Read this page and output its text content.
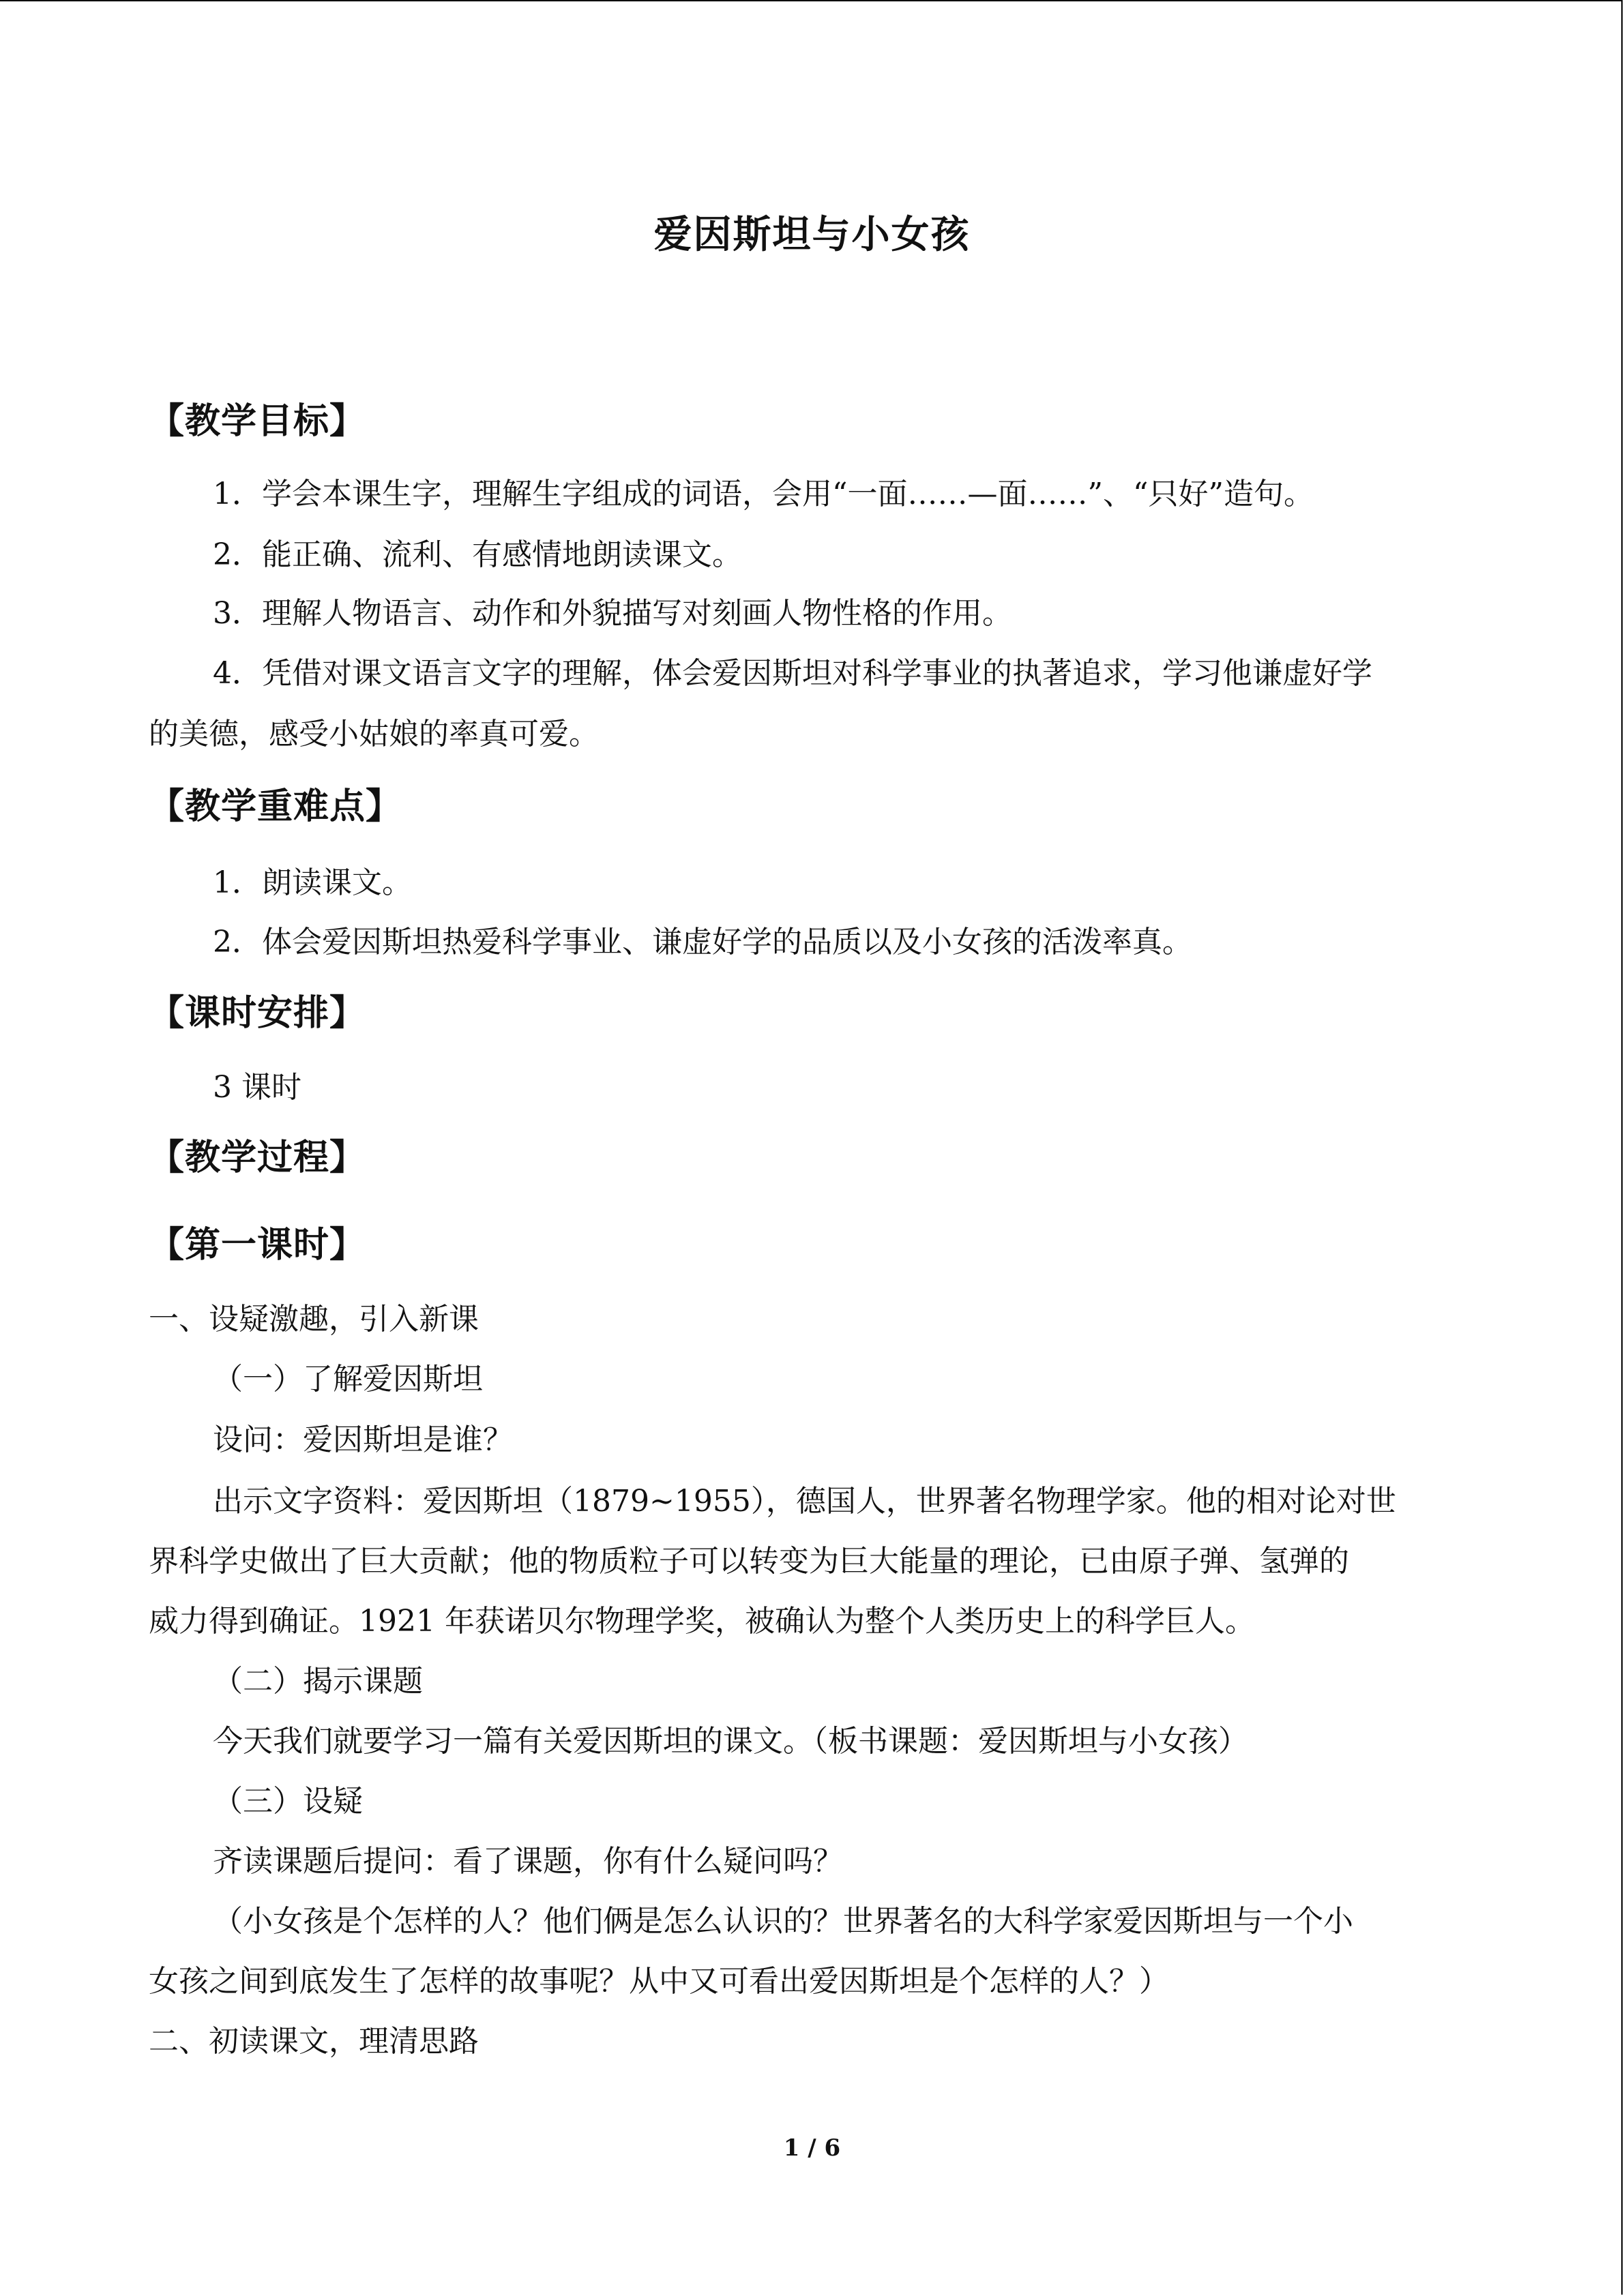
爱因斯坦与小女孩
【教学目标】
1．学会本课生字，理解生字组成的词语，会用“一面……—面……”、“只好”造句。
2．能正确、流利、有感情地朗读课文。
3．理解人物语言、动作和外貌描写对刻画人物性格的作用。
4．凭借对课文语言文字的理解，体会爱因斯坦对科学事业的执著追求，学习他谦虚好学
的美德，感受小姑娘的率真可爱。
【教学重难点】
1．朗读课文。
2．体会爱因斯坦热爱科学事业、谦虚好学的品质以及小女孩的活泼率真。
【课时安排】
3 课时
【教学过程】
【第一课时】
一、设疑激趣，引入新课
（一）了解爱因斯坦
设问：爱因斯坦是谁？
出示文字资料：爱因斯坦（1879~1955），德国人，世界著名物理学家。他的相对论对世
界科学史做出了巨大贡献；他的物质粒子可以转变为巨大能量的理论，已由原子弹、氢弹的
威力得到确证。1921 年获诺贝尔物理学奖，被确认为整个人类历史上的科学巨人。
（二）揭示课题
今天我们就要学习一篇有关爱因斯坦的课文。（板书课题：爱因斯坦与小女孩）
（三）设疑
齐读课题后提问：看了课题，你有什么疑问吗？
（小女孩是个怎样的人？他们俩是怎么认识的？世界著名的大科学家爱因斯坦与一个小
女孩之间到底发生了怎样的故事呢？从中又可看出爱因斯坦是个怎样的人？）
二、初读课文，理清思路
1 / 6
